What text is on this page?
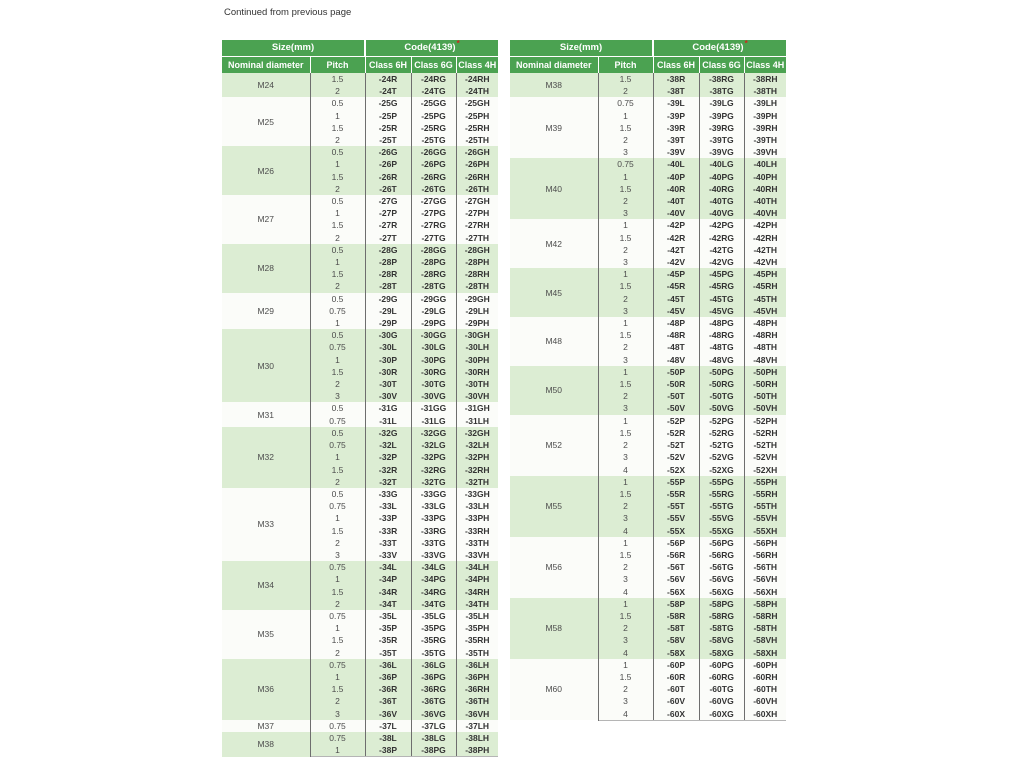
Continued from previous page
Size(mm)		Code(4139)*
Nominal diameter	Pitch	Class 6H	Class 6G	Class 4H
M24	1.5	-24R	-24RG	-24RH
	2	-24T	-24TG	-24TH
M25	0.5	-25G	-25GG	-25GH
	1	-25P	-25PG	-25PH
	1.5	-25R	-25RG	-25RH
	2	-25T	-25TG	-25TH
M26	0.5	-26G	-26GG	-26GH
	1	-26P	-26PG	-26PH
	1.5	-26R	-26RG	-26RH
	2	-26T	-26TG	-26TH
M27	0.5	-27G	-27GG	-27GH
	1	-27P	-27PG	-27PH
	1.5	-27R	-27RG	-27RH
	2	-27T	-27TG	-27TH
M28	0.5	-28G	-28GG	-28GH
	1	-28P	-28PG	-28PH
	1.5	-28R	-28RG	-28RH
	2	-28T	-28TG	-28TH
M29	0.5	-29G	-29GG	-29GH
	0.75	-29L	-29LG	-29LH
	1	-29P	-29PG	-29PH
M30	0.5	-30G	-30GG	-30GH
	0.75	-30L	-30LG	-30LH
	1	-30P	-30PG	-30PH
	1.5	-30R	-30RG	-30RH
	2	-30T	-30TG	-30TH
	3	-30V	-30VG	-30VH
M31	0.5	-31G	-31GG	-31GH
	0.75	-31L	-31LG	-31LH
M32	0.5	-32G	-32GG	-32GH
	0.75	-32L	-32LG	-32LH
	1	-32P	-32PG	-32PH
	1.5	-32R	-32RG	-32RH
	2	-32T	-32TG	-32TH
M33	0.5	-33G	-33GG	-33GH
	0.75	-33L	-33LG	-33LH
	1	-33P	-33PG	-33PH
	1.5	-33R	-33RG	-33RH
	2	-33T	-33TG	-33TH
	3	-33V	-33VG	-33VH
M34	0.75	-34L	-34LG	-34LH
	1	-34P	-34PG	-34PH
	1.5	-34R	-34RG	-34RH
	2	-34T	-34TG	-34TH
M35	0.75	-35L	-35LG	-35LH
	1	-35P	-35PG	-35PH
	1.5	-35R	-35RG	-35RH
	2	-35T	-35TG	-35TH
M36	0.75	-36L	-36LG	-36LH
	1	-36P	-36PG	-36PH
	1.5	-36R	-36RG	-36RH
	2	-36T	-36TG	-36TH
	3	-36V	-36VG	-36VH
M37	0.75	-37L	-37LG	-37LH
M38	0.75	-38L	-38LG	-38LH
	1	-38P	-38PG	-38PH
Size(mm)		Code(4139)*
Nominal diameter	Pitch	Class 6H	Class 6G	Class 4H
M38	1.5	-38R	-38RG	-38RH
	2	-38T	-38TG	-38TH
M39	0.75	-39L	-39LG	-39LH
	1	-39P	-39PG	-39PH
	1.5	-39R	-39RG	-39RH
	2	-39T	-39TG	-39TH
	3	-39V	-39VG	-39VH
M40	0.75	-40L	-40LG	-40LH
	1	-40P	-40PG	-40PH
	1.5	-40R	-40RG	-40RH
	2	-40T	-40TG	-40TH
	3	-40V	-40VG	-40VH
M42	1	-42P	-42PG	-42PH
	1.5	-42R	-42RG	-42RH
	2	-42T	-42TG	-42TH
	3	-42V	-42VG	-42VH
M45	1	-45P	-45PG	-45PH
	1.5	-45R	-45RG	-45RH
	2	-45T	-45TG	-45TH
	3	-45V	-45VG	-45VH
M48	1	-48P	-48PG	-48PH
	1.5	-48R	-48RG	-48RH
	2	-48T	-48TG	-48TH
	3	-48V	-48VG	-48VH
M50	1	-50P	-50PG	-50PH
	1.5	-50R	-50RG	-50RH
	2	-50T	-50TG	-50TH
	3	-50V	-50VG	-50VH
M52	1	-52P	-52PG	-52PH
	1.5	-52R	-52RG	-52RH
	2	-52T	-52TG	-52TH
	3	-52V	-52VG	-52VH
	4	-52X	-52XG	-52XH
M55	1	-55P	-55PG	-55PH
	1.5	-55R	-55RG	-55RH
	2	-55T	-55TG	-55TH
	3	-55V	-55VG	-55VH
	4	-55X	-55XG	-55XH
M56	1	-56P	-56PG	-56PH
	1.5	-56R	-56RG	-56RH
	2	-56T	-56TG	-56TH
	3	-56V	-56VG	-56VH
	4	-56X	-56XG	-56XH
M58	1	-58P	-58PG	-58PH
	1.5	-58R	-58RG	-58RH
	2	-58T	-58TG	-58TH
	3	-58V	-58VG	-58VH
	4	-58X	-58XG	-58XH
M60	1	-60P	-60PG	-60PH
	1.5	-60R	-60RG	-60RH
	2	-60T	-60TG	-60TH
	3	-60V	-60VG	-60VH
	4	-60X	-60XG	-60XH
